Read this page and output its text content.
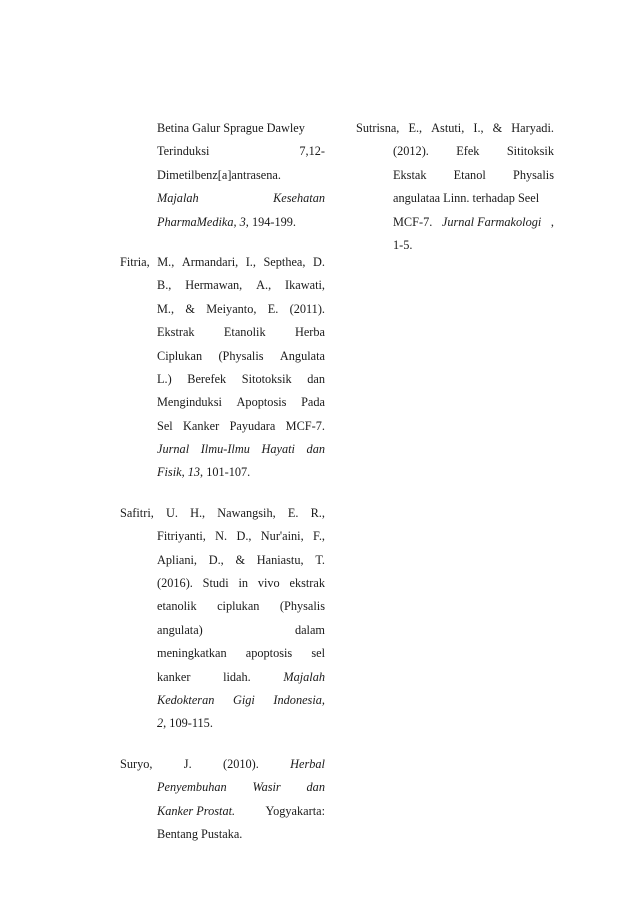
Betina Galur Sprague Dawley
Terinduksi	7,12-
Dimetilbenz[a]antrasena.
Majalah	Kesehatan
PharmaMedika, 3 , 194-199.
Fitria, M., Armandari, I., Septhea, D.
B., Hermawan, A., Ikawati,
M., & Meiyanto, E. (2011).
Ekstrak Etanolik Herba
Ciplukan (Physalis Angulata
L.) Berefek Sitotoksik dan
Menginduksi Apoptosis Pada
Sel Kanker Payudara MCF-7.
Jurnal Ilmu-Ilmu Hayati dan
Fisik, 13 , 101-107.
Safitri, U. H., Nawangsih, E. R.,
Fitriyanti, N. D., Nur'aini, F.,
Apliani, D., & Haniastu, T.
(2016). Studi in vivo ekstrak
etanolik ciplukan (Physalis
angulata)	dalam
meningkatkan apoptosis sel
kanker	lidah.	Majalah
Kedokteran Gigi Indonesia,
2 , 109-115.
Suryo,	J.	(2010).	Herbal
Penyembuhan Wasir dan
Kanker Prostat. Yogyakarta:
Bentang Pustaka.
Sutrisna, E., Astuti, I., & Haryadi.
(2012). Efek Sititoksik
Ekstak Etanol Physalis
angulataa Linn. terhadap Seel
MCF-7. Jurnal Farmakologi ,
1-5.
